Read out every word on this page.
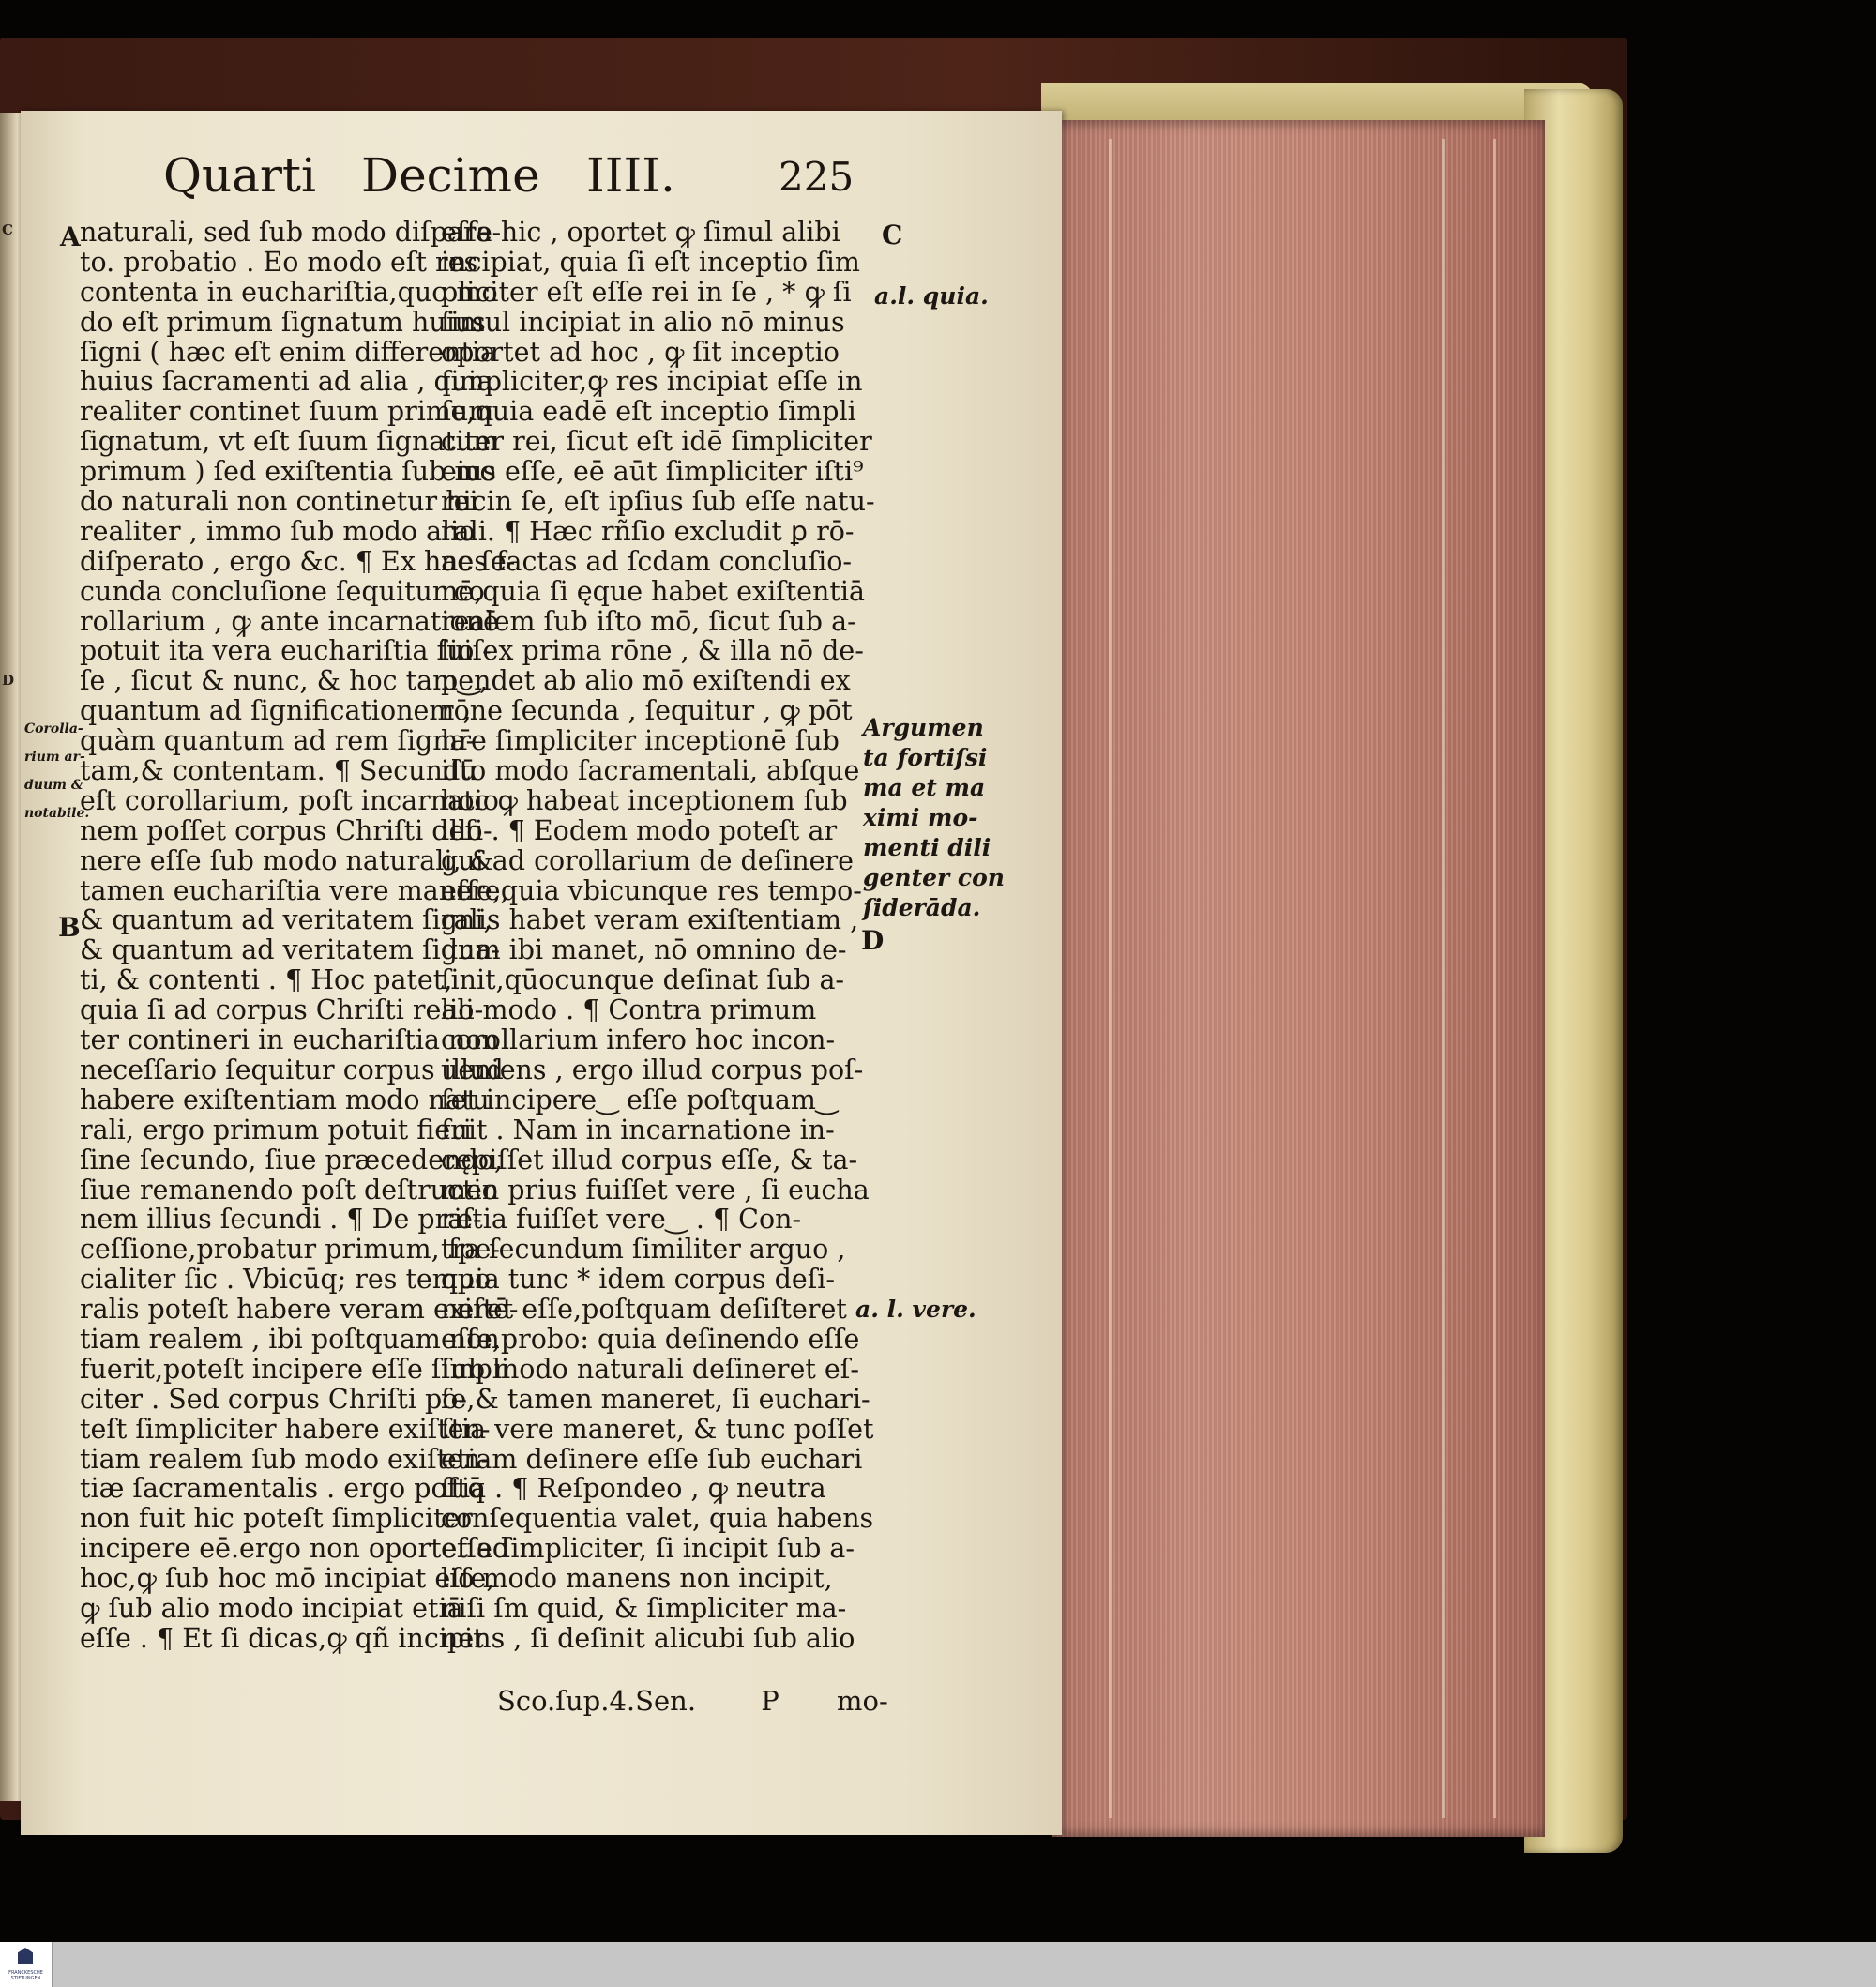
C
D
Quarti Decime IIII.	225
naturali, sed ſub modo diſpara-
to. probatio . Eo modo eſt res
contenta in euchariſtia,quo mo
do eſt primum ſignatum huius
ſigni ( hæc eſt enim differentia
huius ſacramenti ad alia , quia
realiter continet ſuum primum
ſignatum, vt eſt ſuum ſignatum
primum ) ſed exiſtentia ſub mo
do naturali non continetur hic
realiter , immo ſub modo alio
diſperato , ergo &c. ¶ Ex hac ſe-
cunda concluſione ſequitur co
rollarium , ꝙ ante incarnationē
potuit ita vera euchariſtia fuiſ-
ſe , ſicut & nunc, & hoc tam‿,
quantum ad ſignificationem ,
quàm quantum ad rem ſigna-
tam,& contentam. ¶ Secundū
eſt corollarium, poſt incarnatio
nem poſſet corpus Chriſti deſi-
nere eſſe ſub modo naturali, &
tamen euchariſtia vere manere,
& quantum ad veritatem ſigni,
& quantum ad veritatem ſigna-
ti, & contenti . ¶ Hoc patet,
quia ſi ad corpus Chriſti reali-
ter contineri in euchariſtia non
neceſſario ſequitur corpus illud
habere exiſtentiam modo natu
rali, ergo primum potuit fieri
ſine ſecundo, ſiue præcedendo,
ſiue remanendo poſt deſtructio
nem illius ſecundi . ¶ De præ-
ceſſione,probatur primum, ſpe-
cialiter ſic . Vbicūq; res tempo
ralis poteſt habere veram exiſtē-
tiam realem , ibi poſtquam non
fuerit,poteſt incipere eſſe ſimpli
citer . Sed corpus Chriſti po-
teſt ſimpliciter habere exiſten-
tiam realem ſub modo exiſten-
tiæ ſacramentalis . ergo poſtq̄
non fuit hic poteſt ſimpliciter
incipere eē.ergo non oportet ad
hoc,ꝙ ſub hoc mō incipiat eſſe,
ꝙ ſub alio modo incipiat etiā
eſſe . ¶ Et ſi dicas,ꝙ qñ incipit
eſſe hic , oportet ꝙ ſimul alibi
incipiat, quia ſi eſt inceptio ſim
pliciter eſt eſſe rei in ſe , * ꝙ ſi
ſimul incipiat in alio nō minus
oportet ad hoc , ꝙ ſit inceptio
ſimpliciter,ꝙ res incipiat eſſe in
ſe,quia eadē eſt inceptio ſimpli
citer rei, ſicut eſt idē ſimpliciter
eius eſſe, eē aūt ſimpliciter iſti⁹
rei in ſe, eſt ipſius ſub eſſe natu-
rali. ¶ Hæc rñſio excludit ꝑ rō-
nes factas ad ſcdam concluſio-
nē,quia ſi ęque habet exiſtentiā
realem ſub iſto mō, ſicut ſub a-
lio ex prima rōne , & illa nō de-
pendet ab alio mō exiſtendi ex
rōne ſecunda , ſequitur , ꝙ pōt
hr̄e ſimpliciter inceptionē ſub
iſto modo ſacramentali, abſque
hoc ꝙ habeat inceptionem ſub
illo . ¶ Eodem modo poteſt ar
gui ad corollarium de deſinere
eſſe,quia vbicunque res tempo-
ralis habet veram exiſtentiam ,
dum ibi manet, nō omnino de-
ſinit,qūocunque deſinat ſub a-
lio modo . ¶ Contra primum
corollarium infero hoc incon-
ueniens , ergo illud corpus poſ-
ſet incipere‿ eſſe poſtquam‿
fuit . Nam in incarnatione in-
cępiſſet illud corpus eſſe, & ta-
men prius fuiſſet vere , ſi eucha
riſtia fuiſſet vere‿ . ¶ Con-
tra ſecundum ſimiliter arguo ,
quia tunc * idem corpus deſi-
neret eſſe,poſtquam deſiſteret
eſſe,probo: quia deſinendo eſſe
ſub modo naturali deſineret eſ-
ſe,& tamen maneret, ſi euchari-
ſtia vere maneret, & tunc poſſet
etiam deſinere eſſe ſub euchari
ſtia . ¶ Reſpondeo , ꝙ neutra
conſequentia valet, quia habens
eſſe ſimpliciter, ſi incipit ſub a-
lio modo manens non incipit,
niſi ſm quid, & ſimpliciter ma-
nens , ſi deſinit alicubi ſub alio
A
B
C
D
a.l. quia.
Argumen
ta fortiſsi
ma et ma
ximi mo-
menti dili
genter con
ſiderāda.
a. l. vere.
Corolla-
rium ar-
duum &
notabile.
Sco.ſup.4.Sen. P mo-
FRANCKESCHE STIFTUNGEN
